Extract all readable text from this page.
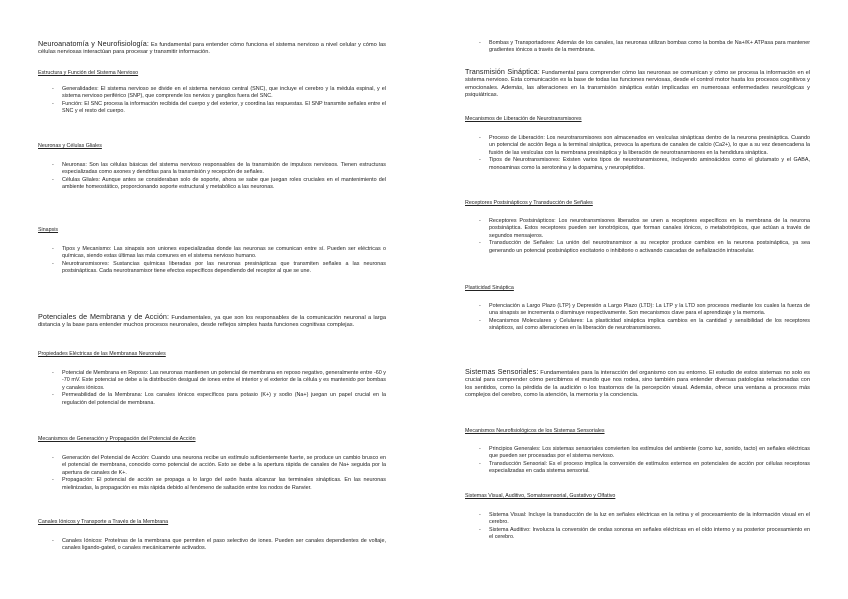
Neuroanatomía y Neurofisiología: Es fundamental para entender cómo funciona el sistema nervioso a nivel celular y cómo las células nerviosas interactúan para procesar y transmitir información.
Estructura y Función del Sistema Nervioso
- Generalidades: El sistema nervioso se divide en el sistema nervioso central (SNC), que incluye el cerebro y la médula espinal, y el sistema nervioso periférico (SNP), que comprende los nervios y ganglios fuera del SNC.
- Función: El SNC procesa la información recibida del cuerpo y del exterior, y coordina las respuestas. El SNP transmite señales entre el SNC y el resto del cuerpo.
Neuronas y Células Gliales
- Neuronas: Son las células básicas del sistema nervioso responsables de la transmisión de impulsos nerviosos. Tienen estructuras especializadas como axones y dendritas para la transmisión y recepción de señales.
- Células Gliales: Aunque antes se consideraban solo de soporte, ahora se sabe que juegan roles cruciales en el mantenimiento del ambiente homeostático, proporcionando soporte estructural y metabólico a las neuronas.
Sinapsis
- Tipos y Mecanismo: Las sinapsis son uniones especializadas donde las neuronas se comunican entre sí. Pueden ser eléctricas o químicas, siendo estas últimas las más comunes en el sistema nervioso humano.
- Neurotransmisores: Sustancias químicas liberadas por las neuronas presinápticas que transmiten señales a las neuronas postsinápticas. Cada neurotransmisor tiene efectos específicos dependiendo del receptor al que se une.
Potenciales de Membrana y de Acción: Fundamentales, ya que son los responsables de la comunicación neuronal a larga distancia y la base para entender muchos procesos neuronales, desde reflejos simples hasta funciones cognitivas complejas.
Propiedades Eléctricas de las Membranas Neuronales
- Potencial de Membrana en Reposo: Las neuronas mantienen un potencial de membrana en reposo negativo, generalmente entre -60 y -70 mV. Este potencial se debe a la distribución desigual de iones entre el interior y el exterior de la célula y es mantenido por bombas y canales iónicos.
- Permeabilidad de la Membrana: Los canales iónicos específicos para potasio (K+) y sodio (Na+) juegan un papel crucial en la regulación del potencial de membrana.
Mecanismos de Generación y Propagación del Potencial de Acción
- Generación del Potencial de Acción: Cuando una neurona recibe un estímulo suficientemente fuerte, se produce un cambio brusco en el potencial de membrana, conocido como potencial de acción. Esto se debe a la apertura rápida de canales de Na+ seguida por la apertura de canales de K+.
- Propagación: El potencial de acción se propaga a lo largo del axón hasta alcanzar las terminales sinápticas. En las neuronas mielinizadas, la propagación es más rápida debido al fenómeno de saltación entre los nodos de Ranvier.
Canales Iónicos y Transporte a Través de la Membrana
- Canales Iónicos: Proteínas de la membrana que permiten el paso selectivo de iones. Pueden ser canales dependientes de voltaje, canales ligando-gated, o canales mecánicamente activados.
- Bombas y Transportadores: Además de los canales, las neuronas utilizan bombas como la bomba de Na+/K+ ATPasa para mantener gradientes iónicos a través de la membrana.
Transmisión Sináptica: Fundamental para comprender cómo las neuronas se comunican y cómo se procesa la información en el sistema nervioso. Esta comunicación es la base de todas las funciones nerviosas, desde el control motor hasta los procesos cognitivos y emocionales. Además, las alteraciones en la transmisión sináptica están implicadas en numerosas enfermedades neurológicas y psiquiátricas.
Mecanismos de Liberación de Neurotransmisores
- Proceso de Liberación: Los neurotransmisores son almacenados en vesículas sinápticas dentro de la neurona presináptica. Cuando un potencial de acción llega a la terminal sináptica, provoca la apertura de canales de calcio (Ca2+), lo que a su vez desencadena la fusión de las vesículas con la membrana presináptica y la liberación de neurotransmisores en la hendidura sináptica.
- Tipos de Neurotransmisores: Existen varios tipos de neurotransmisores, incluyendo aminoácidos como el glutamato y el GABA, monoaminas como la serotonina y la dopamina, y neuropéptidos.
Receptores Postsinápticos y Transducción de Señales
- Receptores Postsinápticos: Los neurotransmisores liberados se unen a receptores específicos en la membrana de la neurona postsináptica. Estos receptores pueden ser ionotrópicos, que forman canales iónicos, o metabotrópicos, que actúan a través de segundos mensajeros.
- Transducción de Señales: La unión del neurotransmisor a su receptor produce cambios en la neurona postsináptica, ya sea generando un potencial postsináptico excitatorio o inhibitorio o activando cascadas de señalización intracelular.
Plasticidad Sináptica
- Potenciación a Largo Plazo (LTP) y Depresión a Largo Plazo (LTD): La LTP y la LTD son procesos mediante los cuales la fuerza de una sinapsis se incrementa o disminuye respectivamente. Son mecanismos clave para el aprendizaje y la memoria.
- Mecanismos Moleculares y Celulares: La plasticidad sináptica implica cambios en la cantidad y sensibilidad de los receptores sinápticos, así como alteraciones en la liberación de neurotransmisores.
Sistemas Sensoriales: Fundamentales para la interacción del organismo con su entorno. El estudio de estos sistemas no solo es crucial para comprender cómo percibimos el mundo que nos rodea, sino también para entender diversas patologías relacionadas con los sentidos, como la pérdida de la audición o los trastornos de la percepción visual. Además, ofrece una ventana a procesos más complejos del cerebro, como la atención, la memoria y la conciencia.
Mecanismos Neurofisiológicos de los Sistemas Sensoriales
- Principios Generales: Los sistemas sensoriales convierten los estímulos del ambiente (como luz, sonido, tacto) en señales eléctricas que pueden ser procesadas por el sistema nervioso.
- Transducción Sensorial: Es el proceso implica la conversión de estímulos externos en potenciales de acción por células receptoras especializadas en cada sistema sensorial.
Sistemas Visual, Auditivo, Somatosensorial, Gustativo y Olfativo
- Sistema Visual: Incluye la transducción de la luz en señales eléctricas en la retina y el procesamiento de la información visual en el cerebro.
- Sistema Auditivo: Involucra la conversión de ondas sonoras en señales eléctricas en el oído interno y su posterior procesamiento en el cerebro.
